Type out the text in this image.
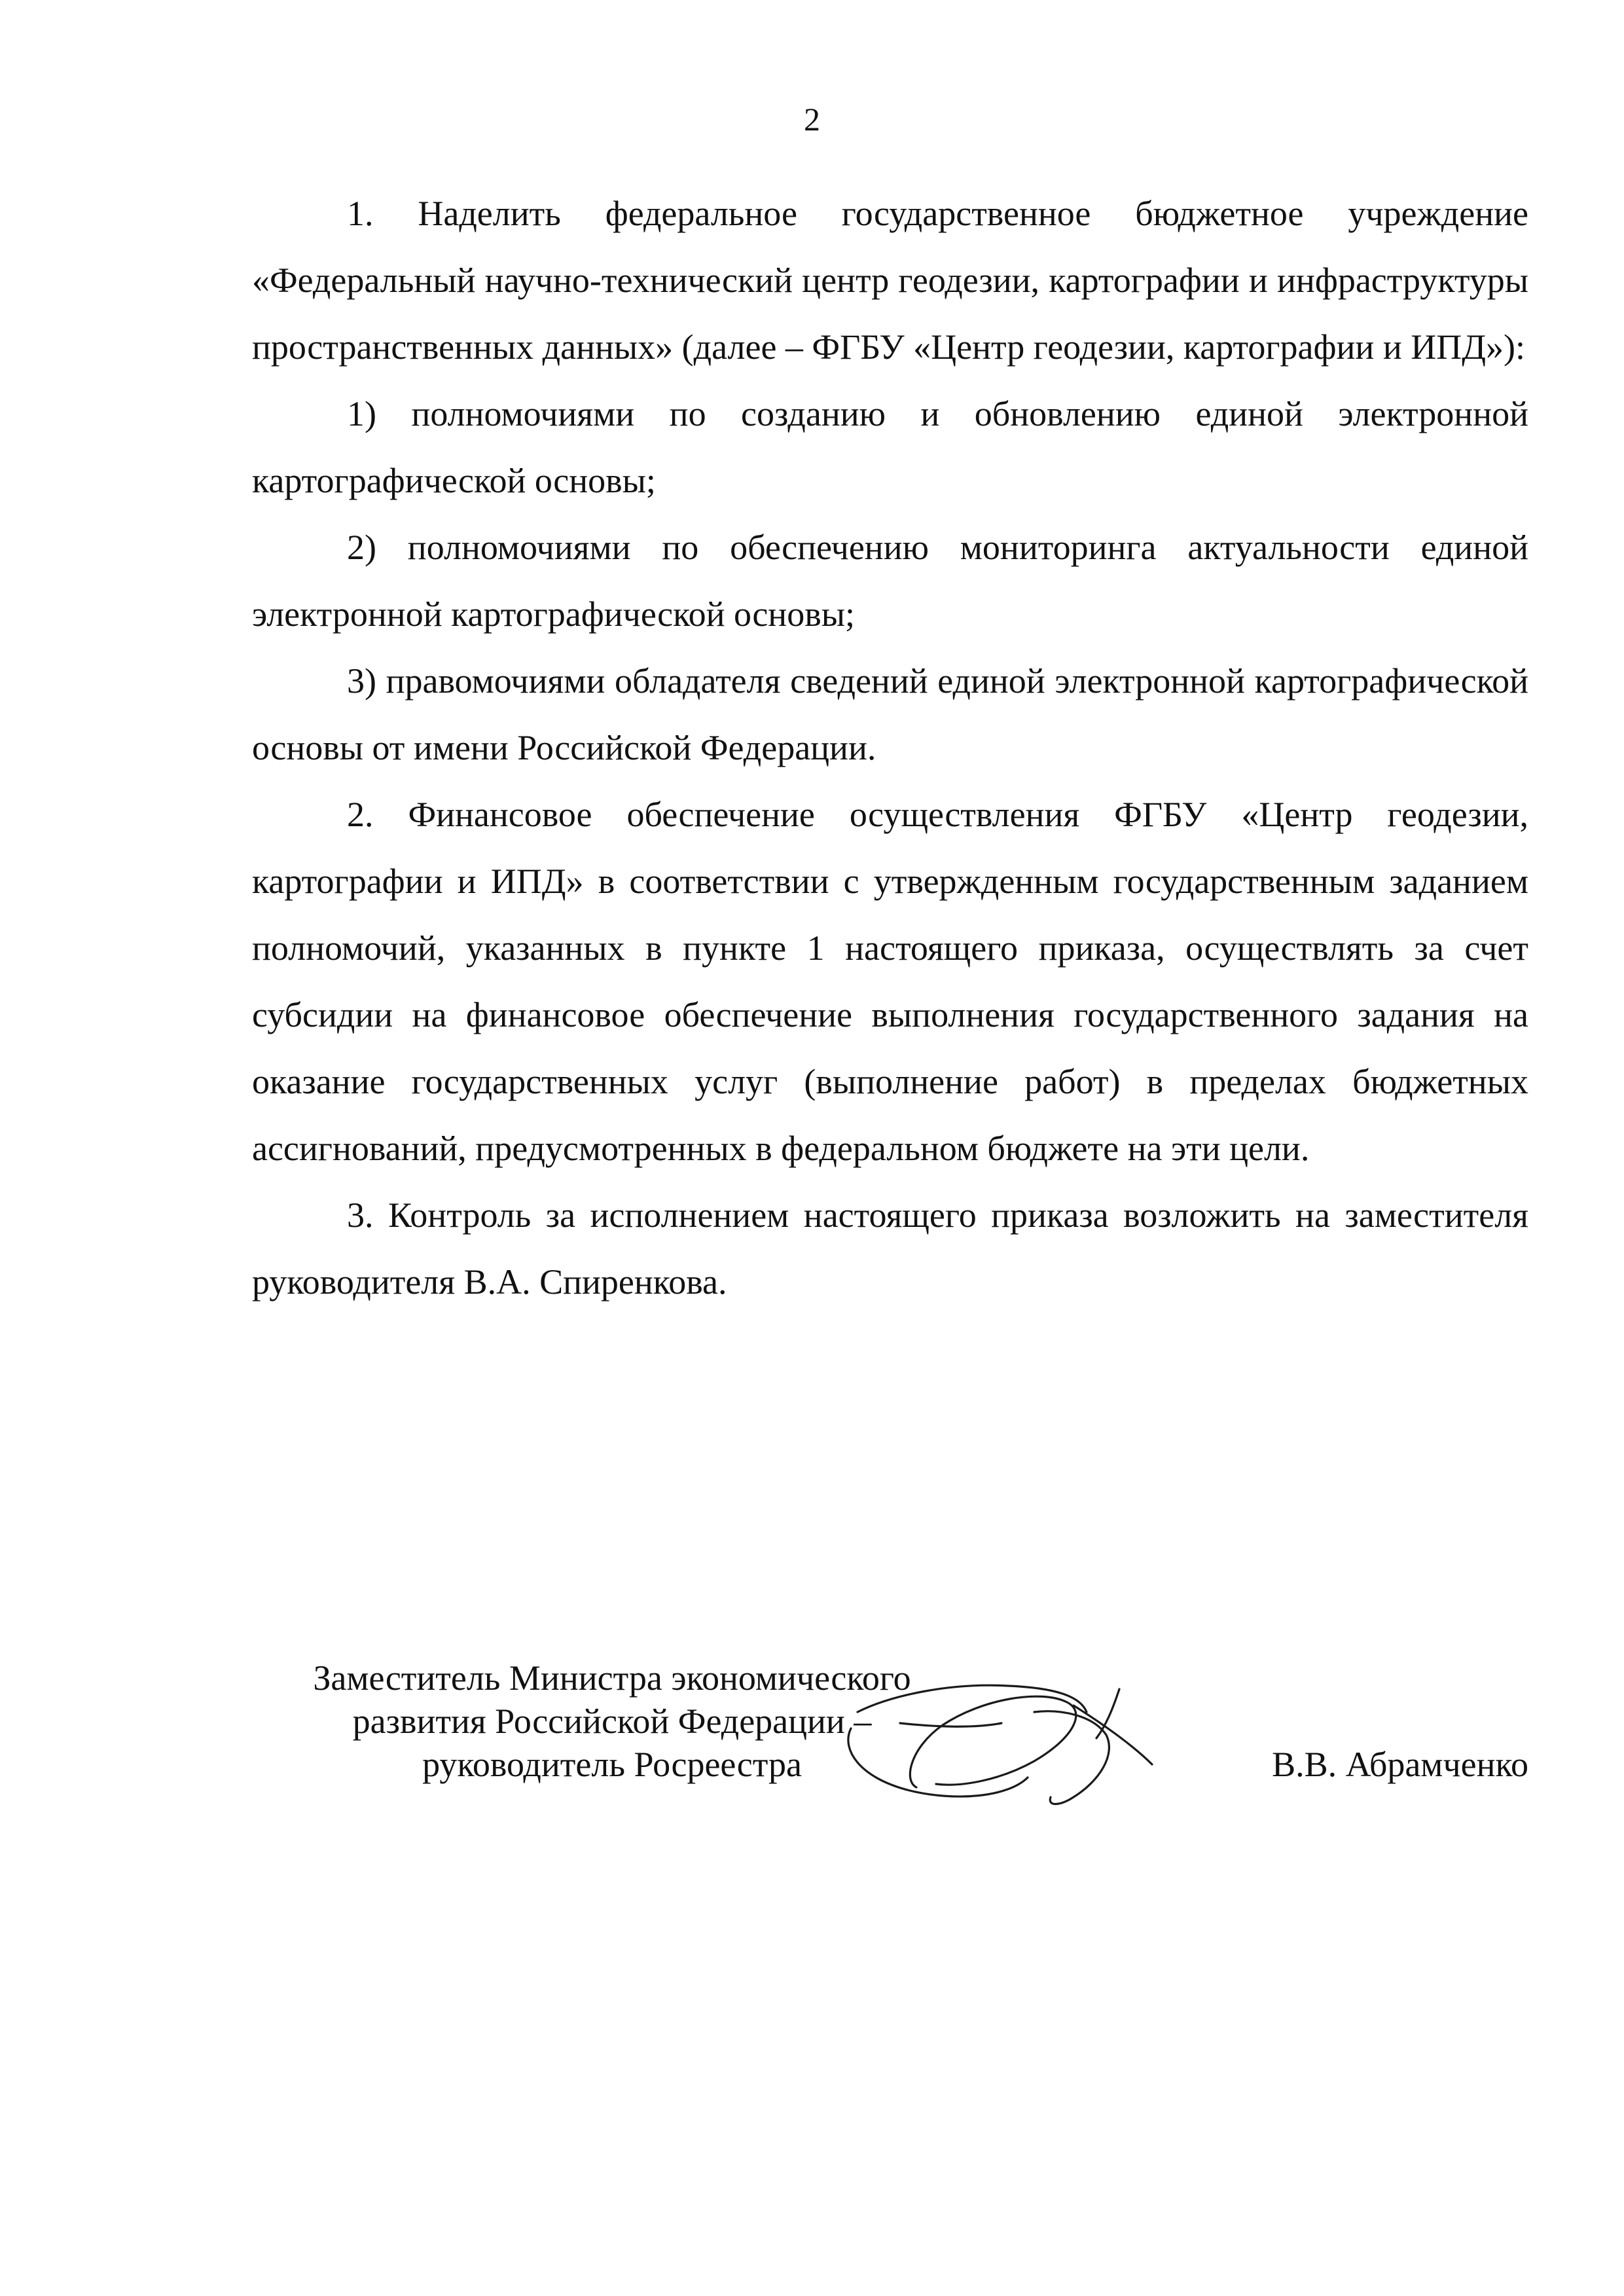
2

1. Наделить федеральное государственное бюджетное учреждение «Федеральный научно-технический центр геодезии, картографии и инфраструктуры пространственных данных» (далее – ФГБУ «Центр геодезии, картографии и ИПД»):

1) полномочиями по созданию и обновлению единой электронной картографической основы;

2) полномочиями по обеспечению мониторинга актуальности единой электронной картографической основы;

3) правомочиями обладателя сведений единой электронной картографической основы от имени Российской Федерации.

2. Финансовое обеспечение осуществления ФГБУ «Центр геодезии, картографии и ИПД» в соответствии с утвержденным государственным заданием полномочий, указанных в пункте 1 настоящего приказа, осуществлять за счет субсидии на финансовое обеспечение выполнения государственного задания на оказание государственных услуг (выполнение работ) в пределах бюджетных ассигнований, предусмотренных в федеральном бюджете на эти цели.

3. Контроль за исполнением настоящего приказа возложить на заместителя руководителя В.А. Спиренкова.

Заместитель Министра экономического
развития Российской Федерации –
руководитель Росреестра	В.В. Абрамченко
